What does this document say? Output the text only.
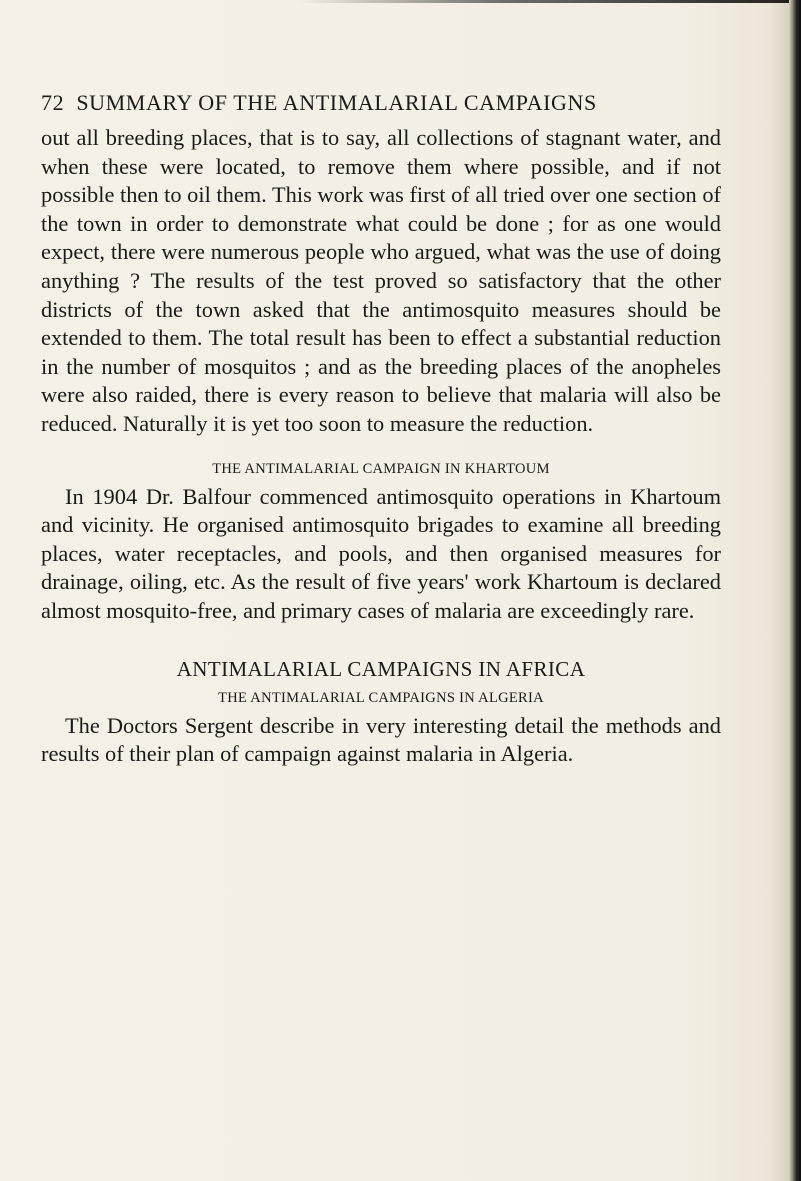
72 SUMMARY OF THE ANTIMALARIAL CAMPAIGNS

out all breeding places, that is to say, all collections of stagnant water, and when these were located, to remove them where possible, and if not possible then to oil them. This work was first of all tried over one section of the town in order to demonstrate what could be done ; for as one would expect, there were numerous people who argued, what was the use of doing anything ? The results of the test proved so satisfactory that the other districts of the town asked that the antimosquito measures should be extended to them. The total result has been to effect a substantial reduction in the number of mosquitos ; and as the breeding places of the anopheles were also raided, there is every reason to believe that malaria will also be reduced. Naturally it is yet too soon to measure the reduction.

THE ANTIMALARIAL CAMPAIGN IN KHARTOUM

In 1904 Dr. Balfour commenced antimosquito operations in Khartoum and vicinity. He organised antimosquito brigades to examine all breeding places, water receptacles, and pools, and then organised measures for drainage, oiling, etc. As the result of five years' work Khartoum is declared almost mosquito-free, and primary cases of malaria are exceedingly rare.

ANTIMALARIAL CAMPAIGNS IN AFRICA
THE ANTIMALARIAL CAMPAIGNS IN ALGERIA

The Doctors Sergent describe in very interesting detail the methods and results of their plan of campaign against malaria in Algeria.
